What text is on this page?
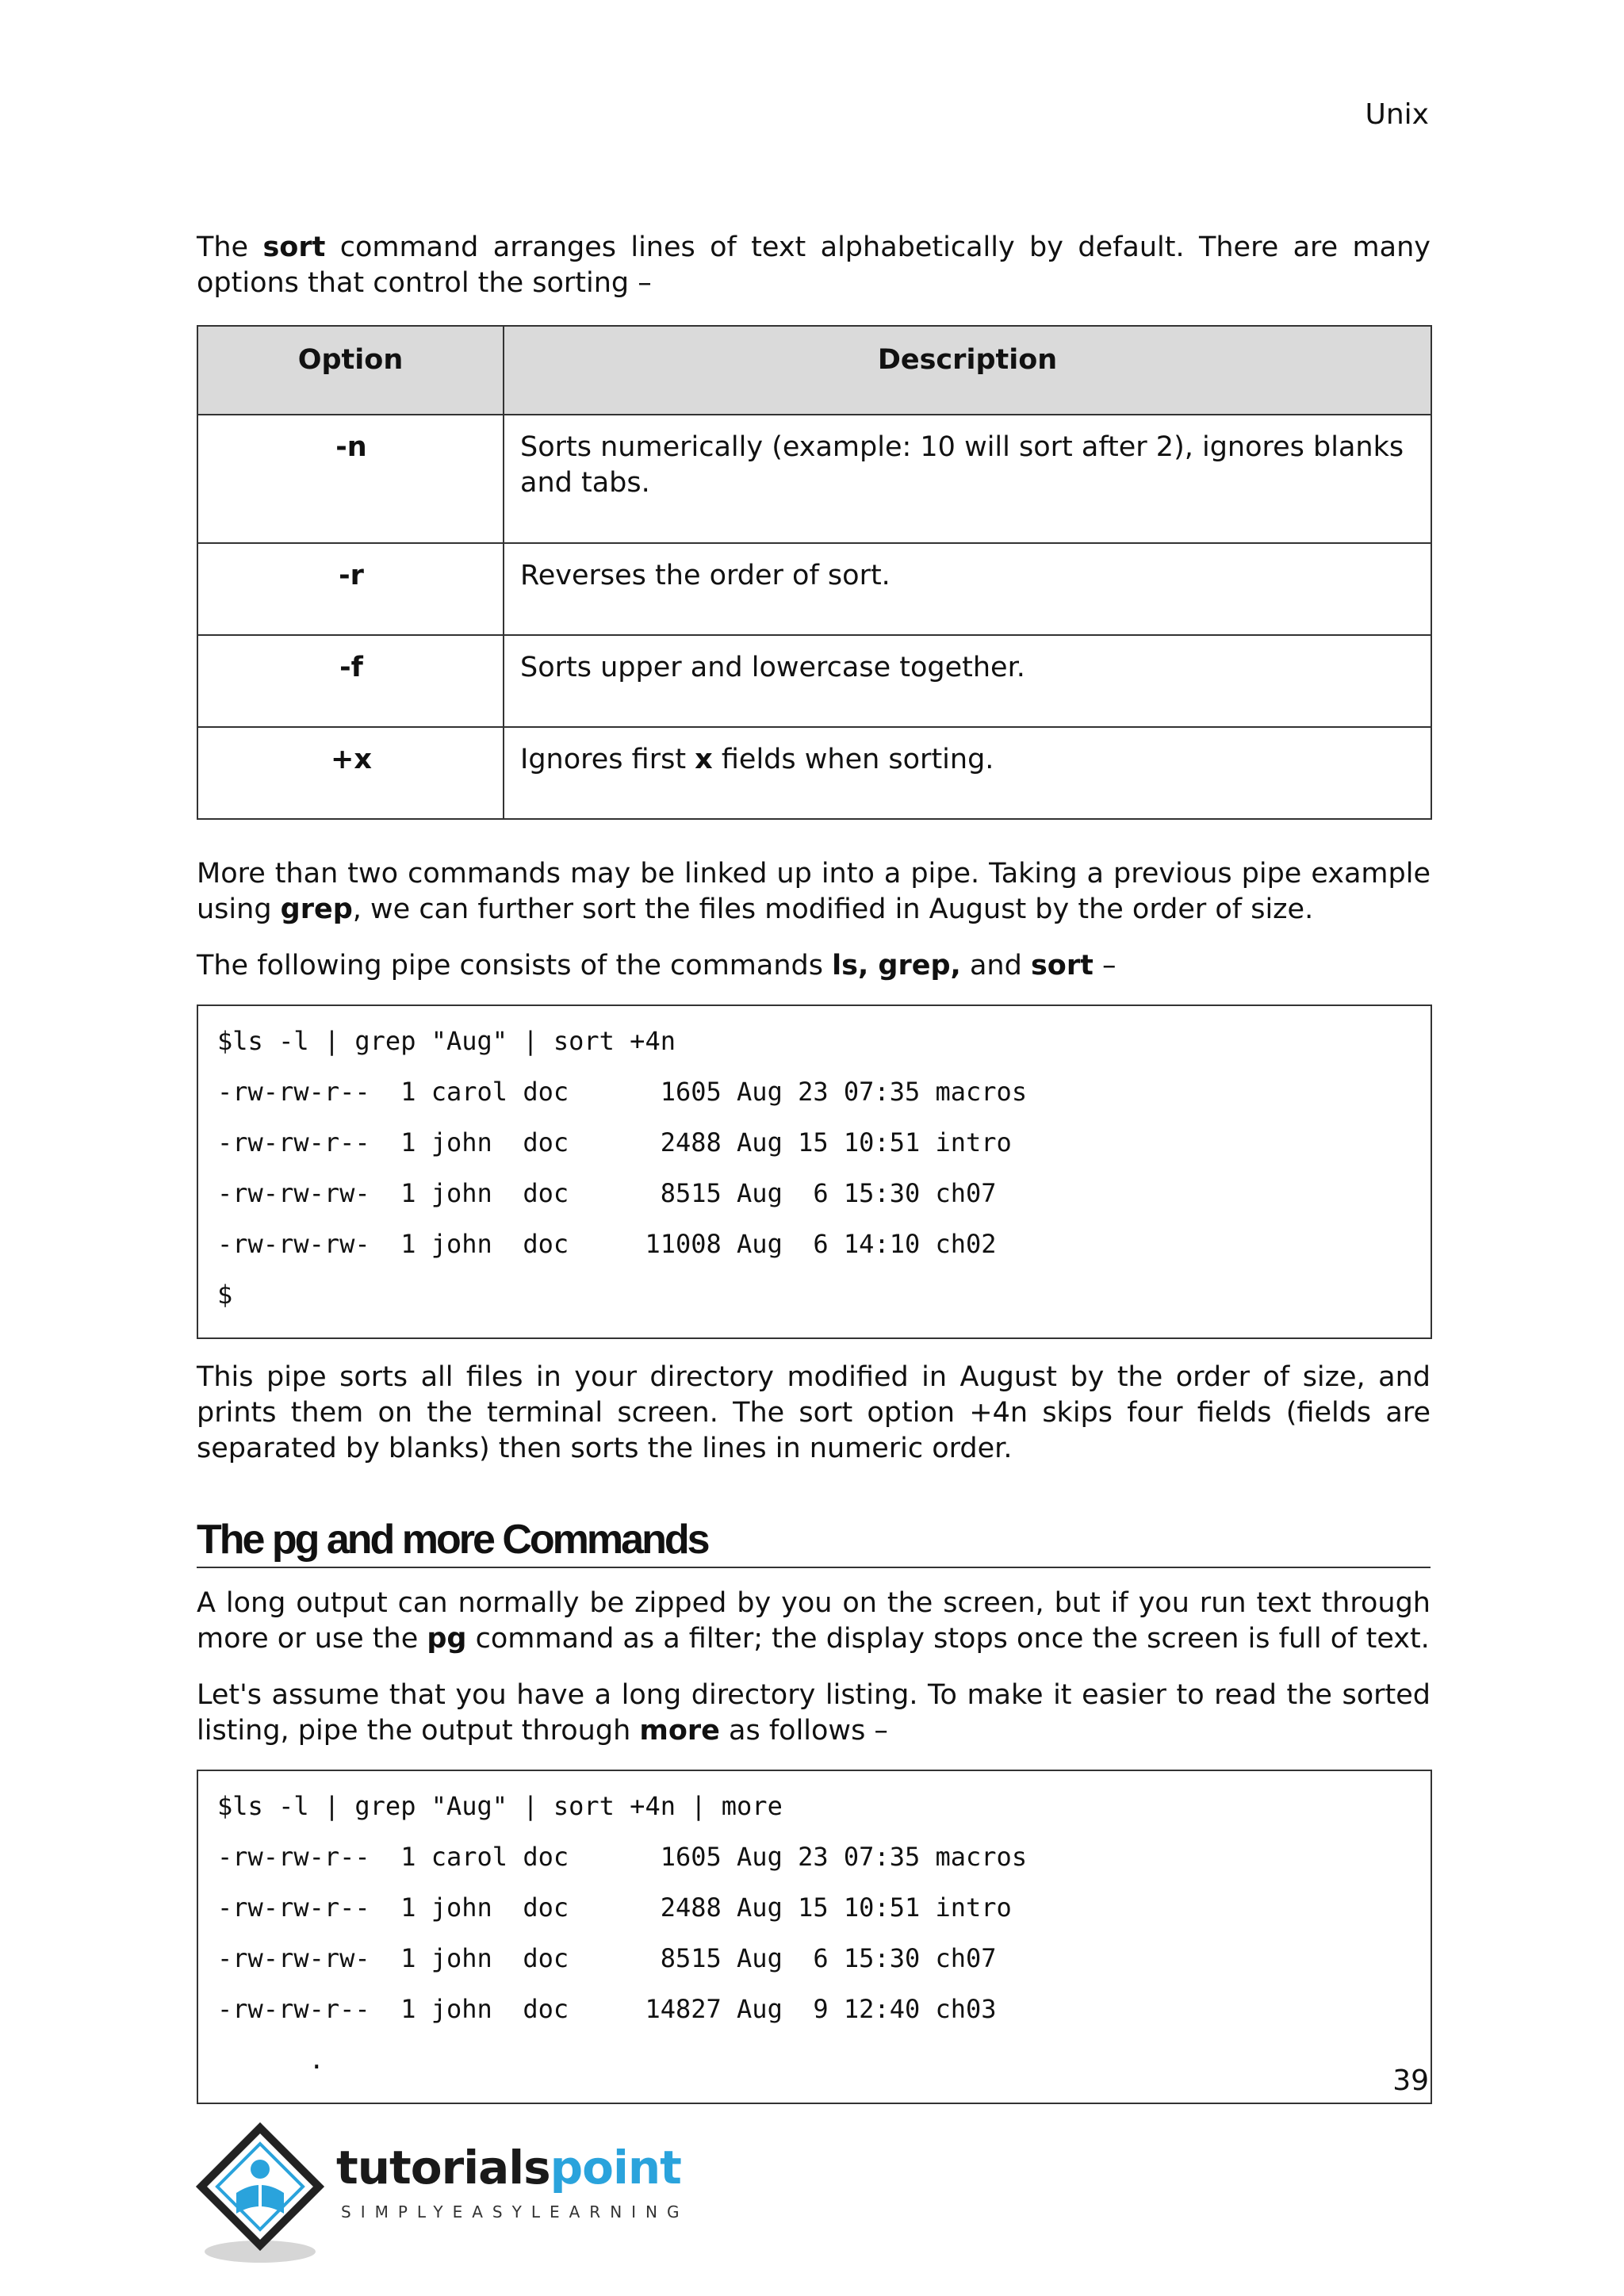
Unix

The sort command arranges lines of text alphabetically by default. There are many options that control the sorting –

Option	Description
-n	Sorts numerically (example: 10 will sort after 2), ignores blanks and tabs.
-r	Reverses the order of sort.
-f	Sorts upper and lowercase together.
+x	Ignores first x fields when sorting.

More than two commands may be linked up into a pipe. Taking a previous pipe example using grep, we can further sort the files modified in August by the order of size.

The following pipe consists of the commands ls, grep, and sort –

$ls -l | grep "Aug" | sort +4n
-rw-rw-r--  1 carol doc      1605 Aug 23 07:35 macros
-rw-rw-r--  1 john  doc      2488 Aug 15 10:51 intro
-rw-rw-rw-  1 john  doc      8515 Aug  6 15:30 ch07
-rw-rw-rw-  1 john  doc     11008 Aug  6 14:10 ch02
$

This pipe sorts all files in your directory modified in August by the order of size, and prints them on the terminal screen. The sort option +4n skips four fields (fields are separated by blanks) then sorts the lines in numeric order.

The pg and more Commands

A long output can normally be zipped by you on the screen, but if you run text through more or use the pg command as a filter; the display stops once the screen is full of text.

Let's assume that you have a long directory listing. To make it easier to read the sorted listing, pipe the output through more as follows –

$ls -l | grep "Aug" | sort +4n | more
-rw-rw-r--  1 carol doc      1605 Aug 23 07:35 macros
-rw-rw-r--  1 john  doc      2488 Aug 15 10:51 intro
-rw-rw-rw-  1 john  doc      8515 Aug  6 15:30 ch07
-rw-rw-r--  1 john  doc     14827 Aug  9 12:40 ch03
.
39
tutorialspoint
SIMPLYEASYLEARNING
